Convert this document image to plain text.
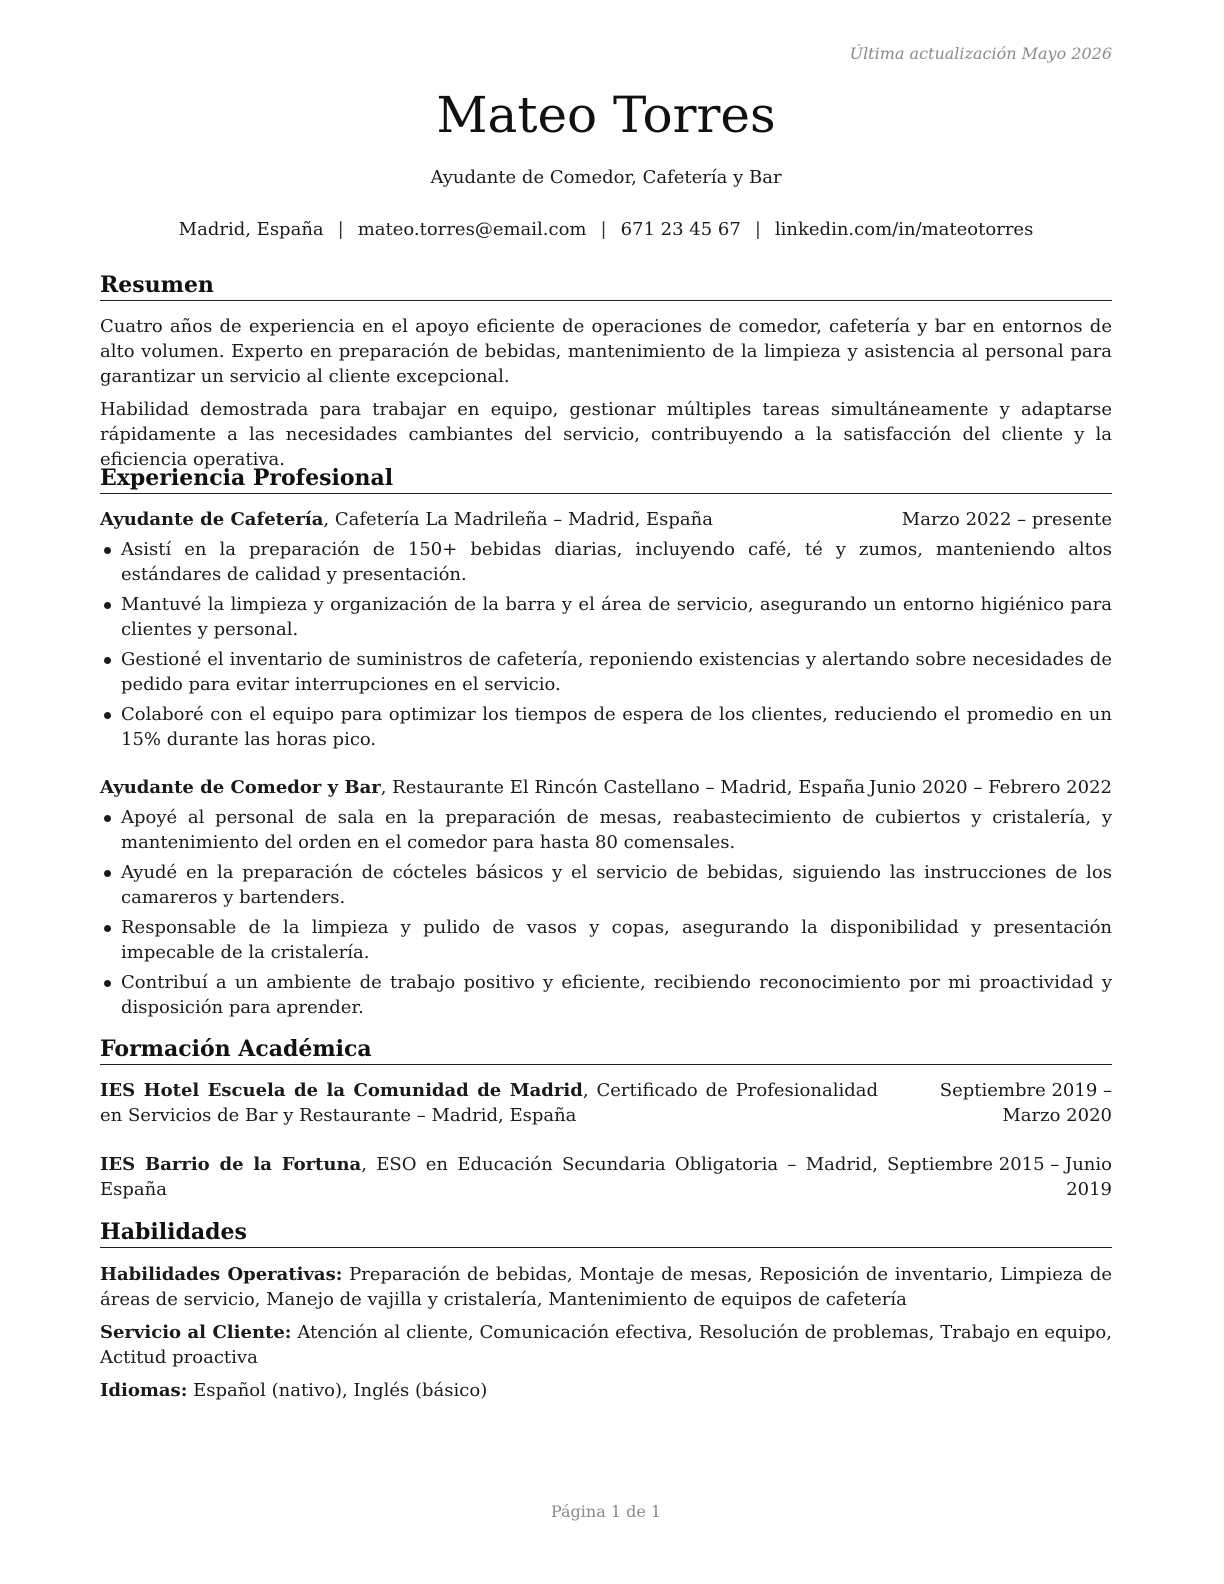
Última actualización Mayo 2026
Mateo Torres
Ayudante de Comedor, Cafetería y Bar
Madrid, España | mateo.torres@email.com | 671 23 45 67 | linkedin.com/in/mateotorres
Resumen

Cuatro años de experiencia en el apoyo eficiente de operaciones de comedor, cafetería y bar en entornos de alto volumen. Experto en preparación de bebidas, mantenimiento de la limpieza y asistencia al personal para garantizar un servicio al cliente excepcional.

Habilidad demostrada para trabajar en equipo, gestionar múltiples tareas simultáneamente y adaptarse rápidamente a las necesidades cambiantes del servicio, contribuyendo a la satisfacción del cliente y la eficiencia operativa.

Experiencia Profesional
Ayudante de Cafetería, Cafetería La Madrileña – Madrid, España	Marzo 2022 – presente
Asistí en la preparación de 150+ bebidas diarias, incluyendo café, té y zumos, manteniendo altos estándares de calidad y presentación.
Mantuvé la limpieza y organización de la barra y el área de servicio, asegurando un entorno higiénico para clientes y personal.
Gestioné el inventario de suministros de cafetería, reponiendo existencias y alertando sobre necesidades de pedido para evitar interrupciones en el servicio.
Colaboré con el equipo para optimizar los tiempos de espera de los clientes, reduciendo el promedio en un 15% durante las horas pico.
Ayudante de Comedor y Bar, Restaurante El Rincón Castellano – Madrid, España Junio 2020 – Febrero 2022
Apoyé al personal de sala en la preparación de mesas, reabastecimiento de cubiertos y cristalería, y mantenimiento del orden en el comedor para hasta 80 comensales.
Ayudé en la preparación de cócteles básicos y el servicio de bebidas, siguiendo las instrucciones de los camareros y bartenders.
Responsable de la limpieza y pulido de vasos y copas, asegurando la disponibilidad y presentación impecable de la cristalería.
Contribuí a un ambiente de trabajo positivo y eficiente, recibiendo reconocimiento por mi proactividad y disposición para aprender.
Formación Académica
IES Hotel Escuela de la Comunidad de Madrid, Certificado de Profesionalidad en Servicios de Bar y Restaurante – Madrid, España
Septiembre 2019 – Marzo 2020
IES Barrio de la Fortuna, ESO en Educación Secundaria Obligatoria – Madrid, España
Septiembre 2015 – Junio 2019
Habilidades
Habilidades Operativas: Preparación de bebidas, Montaje de mesas, Reposición de inventario, Limpieza de áreas de servicio, Manejo de vajilla y cristalería, Mantenimiento de equipos de cafetería
Servicio al Cliente: Atención al cliente, Comunicación efectiva, Resolución de problemas, Trabajo en equipo, Actitud proactiva
Idiomas: Español (nativo), Inglés (básico)
Página 1 de 1
